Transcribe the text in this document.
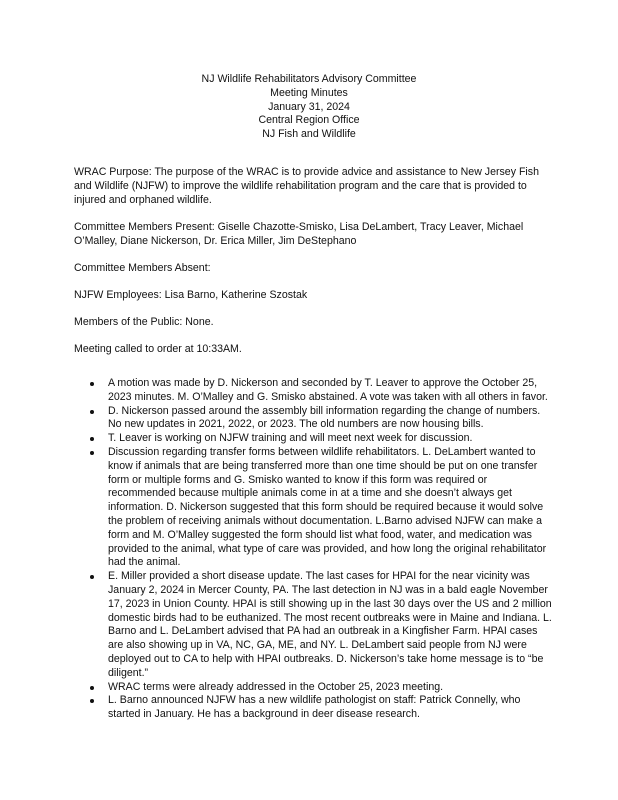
NJ Wildlife Rehabilitators Advisory Committee
Meeting Minutes
January 31, 2024
Central Region Office
NJ Fish and Wildlife

WRAC Purpose: The purpose of the WRAC is to provide advice and assistance to New Jersey Fish and Wildlife (NJFW) to improve the wildlife rehabilitation program and the care that is provided to injured and orphaned wildlife.

Committee Members Present: Giselle Chazotte-Smisko, Lisa DeLambert, Tracy Leaver, Michael O’Malley, Diane Nickerson, Dr. Erica Miller, Jim DeStephano

Committee Members Absent:

NJFW Employees: Lisa Barno, Katherine Szostak

Members of the Public: None.

Meeting called to order at 10:33AM.

A motion was made by D. Nickerson and seconded by T. Leaver to approve the October 25, 2023 minutes. M. O’Malley and G. Smisko abstained. A vote was taken with all others in favor.
D. Nickerson passed around the assembly bill information regarding the change of numbers. No new updates in 2021, 2022, or 2023. The old numbers are now housing bills.
T. Leaver is working on NJFW training and will meet next week for discussion.
Discussion regarding transfer forms between wildlife rehabilitators. L. DeLambert wanted to know if animals that are being transferred more than one time should be put on one transfer form or multiple forms and G. Smisko wanted to know if this form was required or recommended because multiple animals come in at a time and she doesn’t always get information. D. Nickerson suggested that this form should be required because it would solve the problem of receiving animals without documentation. L.Barno advised NJFW can make a form and M. O’Malley suggested the form should list what food, water, and medication was provided to the animal, what type of care was provided, and how long the original rehabilitator had the animal.
E. Miller provided a short disease update. The last cases for HPAI for the near vicinity was January 2, 2024 in Mercer County, PA. The last detection in NJ was in a bald eagle November 17, 2023 in Union County. HPAI is still showing up in the last 30 days over the US and 2 million domestic birds had to be euthanized. The most recent outbreaks were in Maine and Indiana. L. Barno and L. DeLambert advised that PA had an outbreak in a Kingfisher Farm. HPAI cases are also showing up in VA, NC, GA, ME, and NY. L. DeLambert said people from NJ were deployed out to CA to help with HPAI outbreaks. D. Nickerson’s take home message is to “be diligent.”
WRAC terms were already addressed in the October 25, 2023 meeting.
L. Barno announced NJFW has a new wildlife pathologist on staff: Patrick Connelly, who started in January. He has a background in deer disease research.
